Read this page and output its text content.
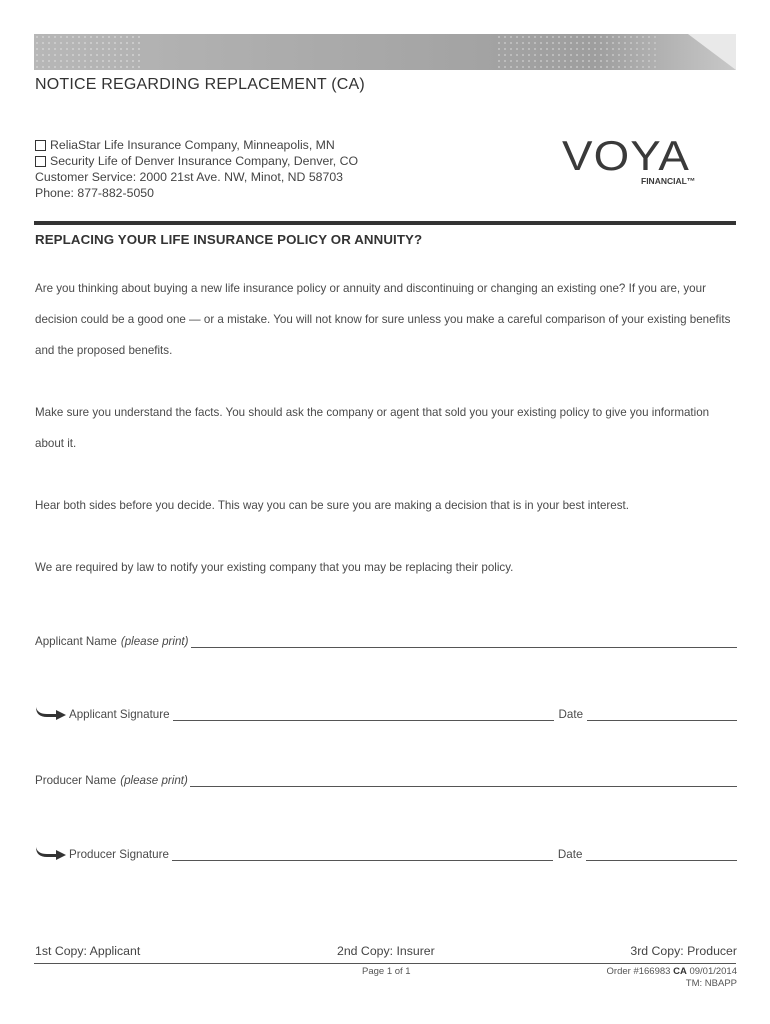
NOTICE REGARDING REPLACEMENT (CA)
ReliaStar Life Insurance Company, Minneapolis, MN
Security Life of Denver Insurance Company, Denver, CO
Customer Service: 2000 21st Ave. NW, Minot, ND 58703
Phone: 877-882-5050
VOYA
FINANCIAL™
REPLACING YOUR LIFE INSURANCE POLICY OR ANNUITY?
Are you thinking about buying a new life insurance policy or annuity and discontinuing or changing an existing one? If you are, your decision could be a good one — or a mistake. You will not know for sure unless you make a careful comparison of your existing benefits and the proposed benefits.
Make sure you understand the facts. You should ask the company or agent that sold you your existing policy to give you information about it.
Hear both sides before you decide. This way you can be sure you are making a decision that is in your best interest.
We are required by law to notify your existing company that you may be replacing their policy.
Applicant Name (please print)
Applicant Signature	Date
Producer Name (please print)
Producer Signature	Date
1st Copy: Applicant	2nd Copy: Insurer	3rd Copy: Producer
Page 1 of 1	Order #166983 CA 09/01/2014
TM: NBAPP
